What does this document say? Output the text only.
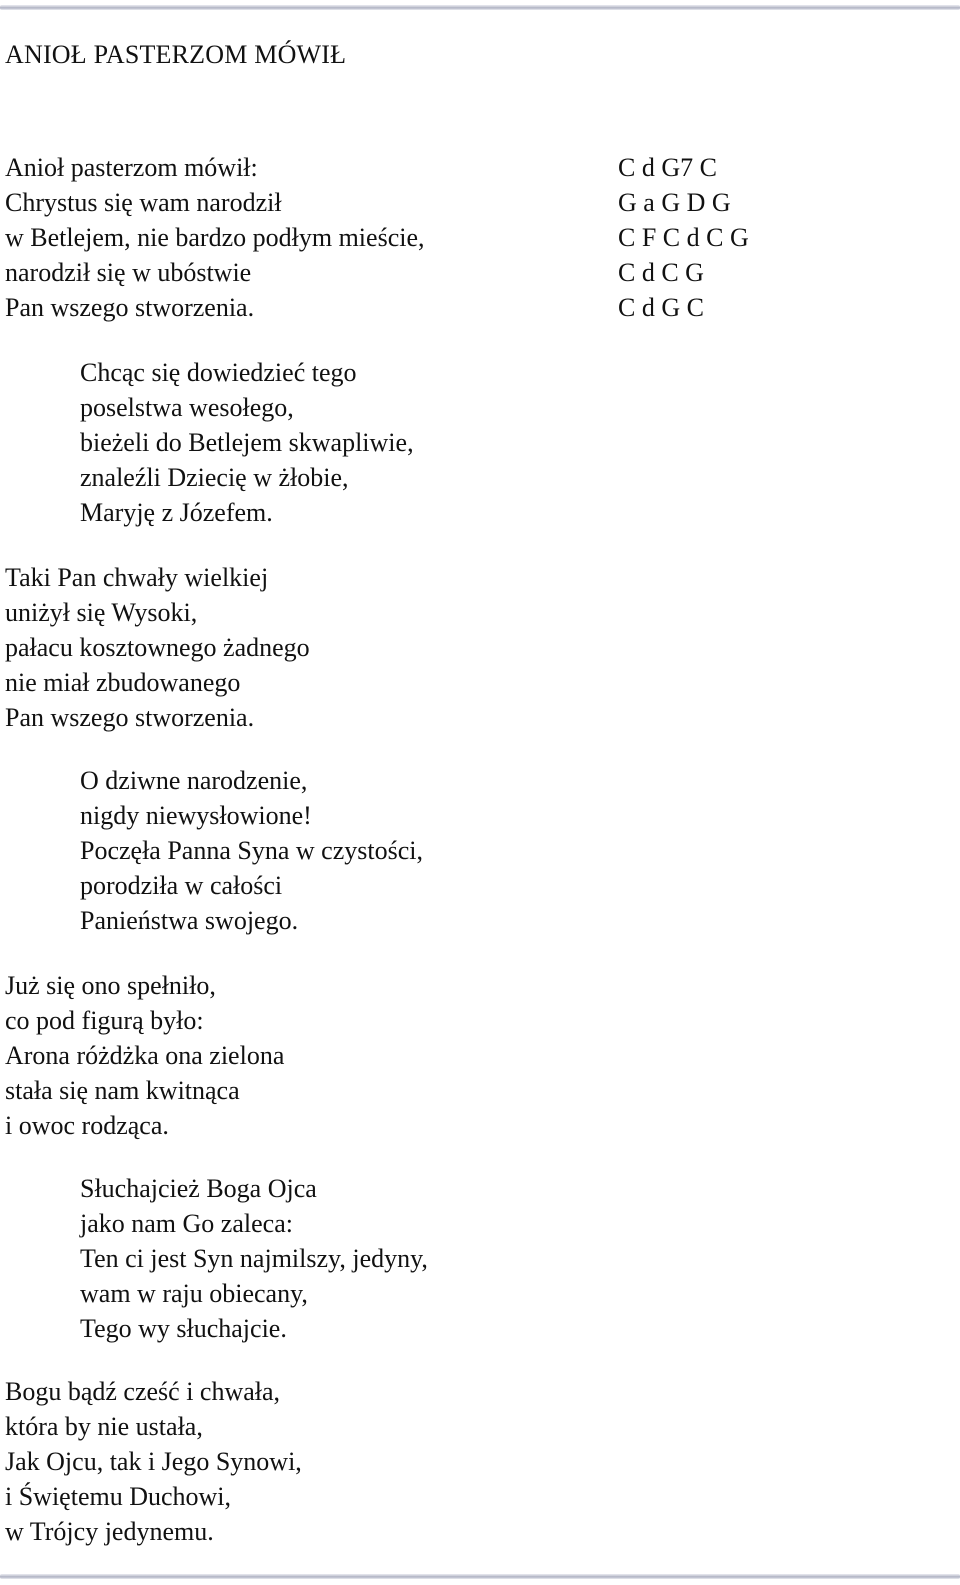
ANIOŁ PASTERZOM MÓWIŁ
Anioł pasterzom mówił:
Chrystus się wam narodził
w Betlejem, nie bardzo podłym mieście,
narodził się w ubóstwie
Pan wszego stworzenia.
C d G7 C
G a G D G
C F C d C G
C d C G
C d G C
Chcąc się dowiedzieć tego
poselstwa wesołego,
bieżeli do Betlejem skwapliwie,
znaleźli Dziecię w żłobie,
Maryję z Józefem.
Taki Pan chwały wielkiej
uniżył się Wysoki,
pałacu kosztownego żadnego
nie miał zbudowanego
Pan wszego stworzenia.
O dziwne narodzenie,
nigdy niewysłowione!
Poczęła Panna Syna w czystości,
porodziła w całości
Panieństwa swojego.
Już się ono spełniło,
co pod figurą było:
Arona różdżka ona zielona
stała się nam kwitnąca
i owoc rodząca.
Słuchajcież Boga Ojca
jako nam Go zaleca:
Ten ci jest Syn najmilszy, jedyny,
wam w raju obiecany,
Tego wy słuchajcie.
Bogu bądź cześć i chwała,
która by nie ustała,
Jak Ojcu, tak i Jego Synowi,
i Świętemu Duchowi,
w Trójcy jedynemu.
